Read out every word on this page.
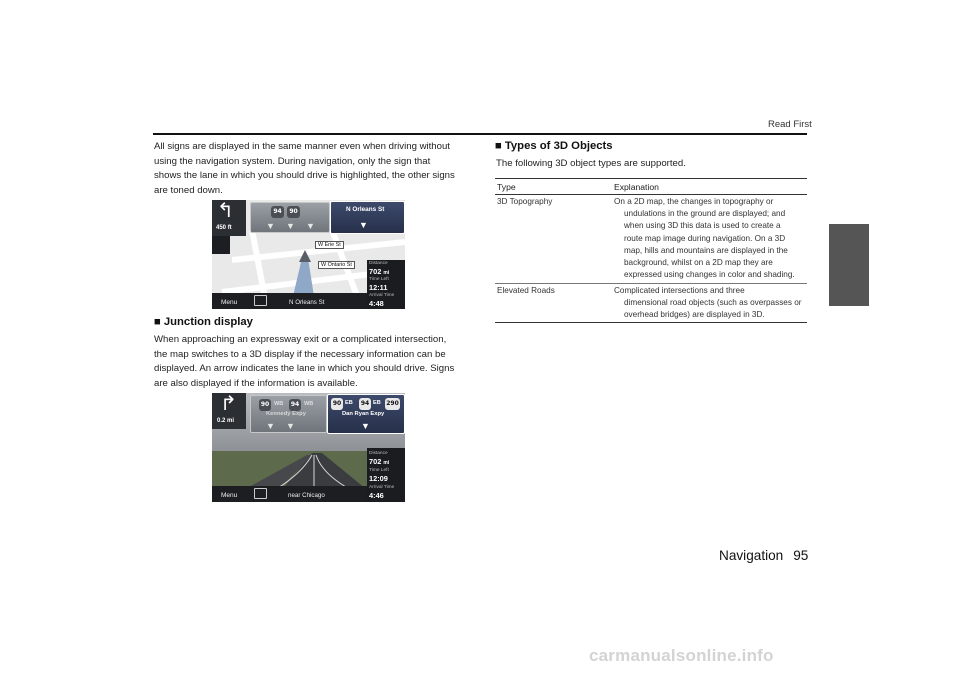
Read First

All signs are displayed in the same manner even when driving without

using the navigation system. During navigation, only the sign that

shows the lane in which you should drive is highlighted, the other signs

are toned down.

↰
450 ft
94	90
▼ ▼ ▼
N Orleans St
▼
W Erie St
W Ontario St	Distance
702 mi
Time Left
12:11
Arrival Time
4:48
Menu	N Orleans St
■ Junction display

When approaching an expressway exit or a complicated intersection,

the map switches to a 3D display if the necessary information can be

displayed. An arrow indicates the lane in which you should drive. Signs

are also displayed if the information is available.

↱
0.2 mi
90 WB	94 WB
Kennedy Expy
▼ ▼
90 EB	94 EB 290
Dan Ryan Expy
▼
Distance
702 mi
Time Left
12:09
Arrival Time
4:46
Menu	near Chicago
■ Types of 3D Objects
The following 3D object types are supported.
Type	Explanation
3D Topography	On a 2D map, the changes in topography or
undulations in the ground are displayed; and
when using 3D this data is used to create a
route map image during navigation. On a 3D
map, hills and mountains are displayed in the
background, whilst on a 2D map they are
expressed using changes in color and shading.
Elevated Roads	Complicated intersections and three
dimensional road objects (such as overpasses or
overhead bridges) are displayed in 3D.
Navigation 95
carmanualsonline.info
